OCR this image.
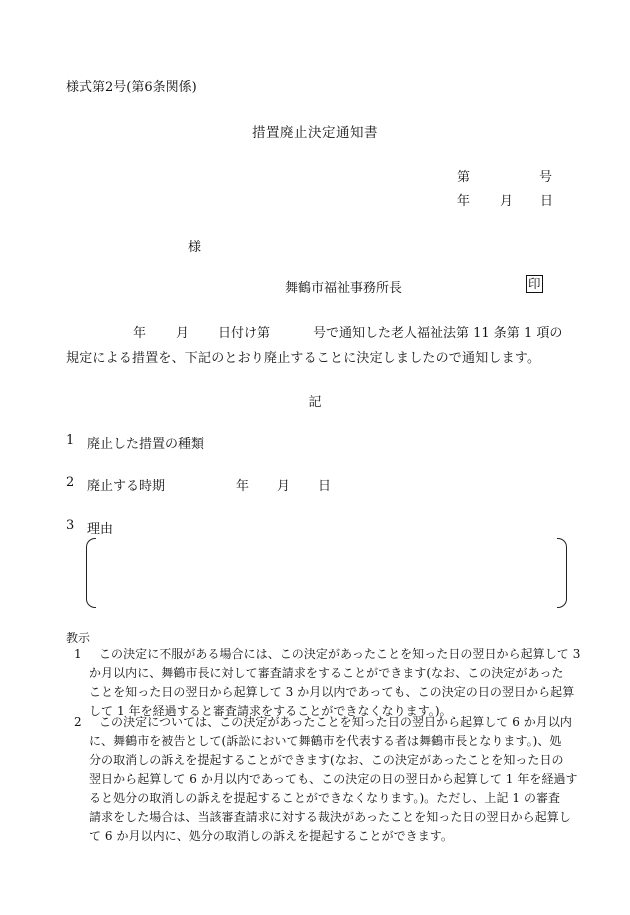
様式第2号(第6条関係)
措置廃止決定通知書
第	号
年 月 日
様
舞鶴市福祉事務所長	印
年 月 日付け第	号で通知した老人福祉法第 11 条第 1 項の
規定による措置を、下記のとおり廃止することに決定しましたので通知します。
記
1 廃止した措置の種類
2 廃止する時期	年 月 日
3 理由
教示
1 この決定に不服がある場合には、この決定があったことを知った日の翌日から起算して 3
か月以内に、舞鶴市長に対して審査請求をすることができます(なお、この決定があった
ことを知った日の翌日から起算して 3 か月以内であっても、この決定の日の翌日から起算
して 1 年を経過すると審査請求をすることができなくなります。)。
2 この決定については、この決定があったことを知った日の翌日から起算して 6 か月以内
に、舞鶴市を被告として(訴訟において舞鶴市を代表する者は舞鶴市長となります。)、処
分の取消しの訴えを提起することができます(なお、この決定があったことを知った日の
翌日から起算して 6 か月以内であっても、この決定の日の翌日から起算して 1 年を経過す
ると処分の取消しの訴えを提起することができなくなります。)。ただし、上記 1 の審査
請求をした場合は、当該審査請求に対する裁決があったことを知った日の翌日から起算し
て 6 か月以内に、処分の取消しの訴えを提起することができます。
